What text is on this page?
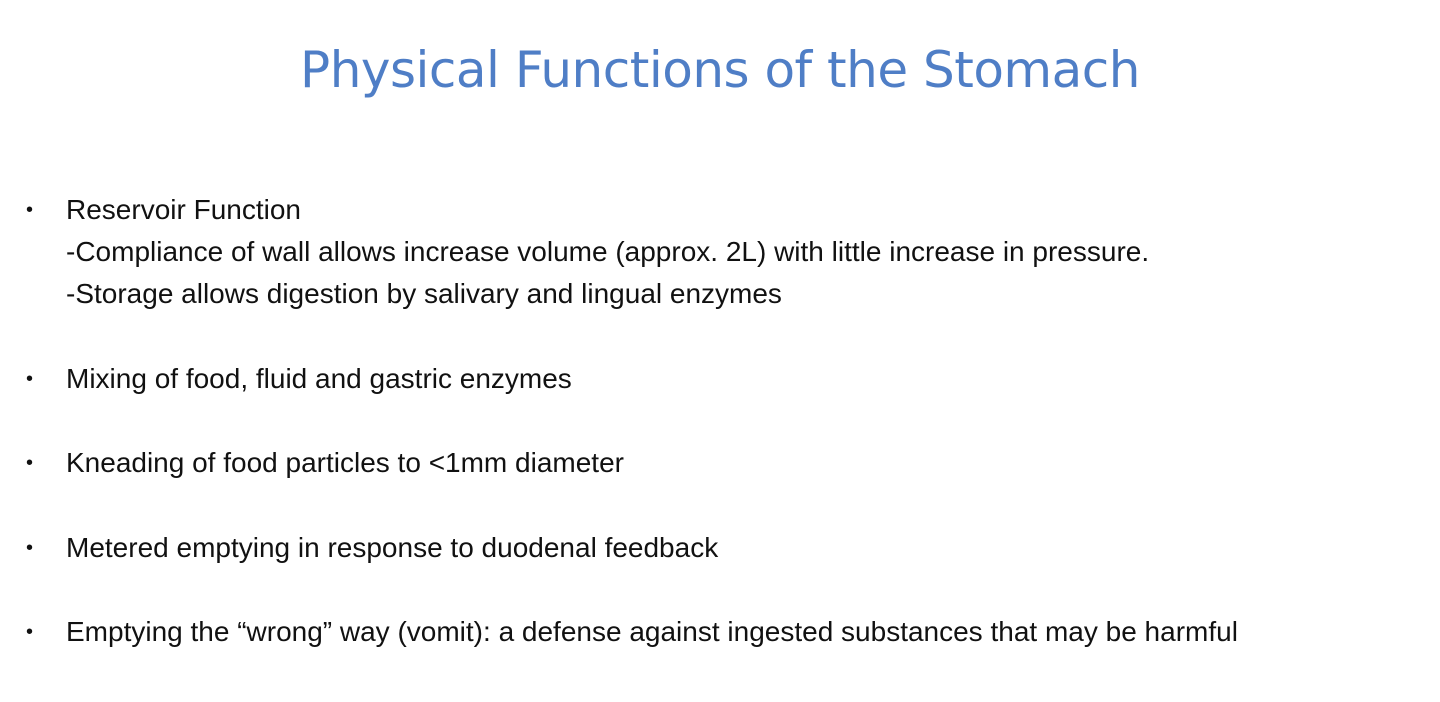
Physical Functions of the Stomach
• Reservoir Function
-Compliance of wall allows increase volume (approx. 2L) with little increase in pressure.
-Storage allows digestion by salivary and lingual enzymes
• Mixing of food, fluid and gastric enzymes
• Kneading of food particles to <1mm diameter
• Metered emptying in response to duodenal feedback
• Emptying the “wrong” way (vomit): a defense against ingested substances that may be harmful
